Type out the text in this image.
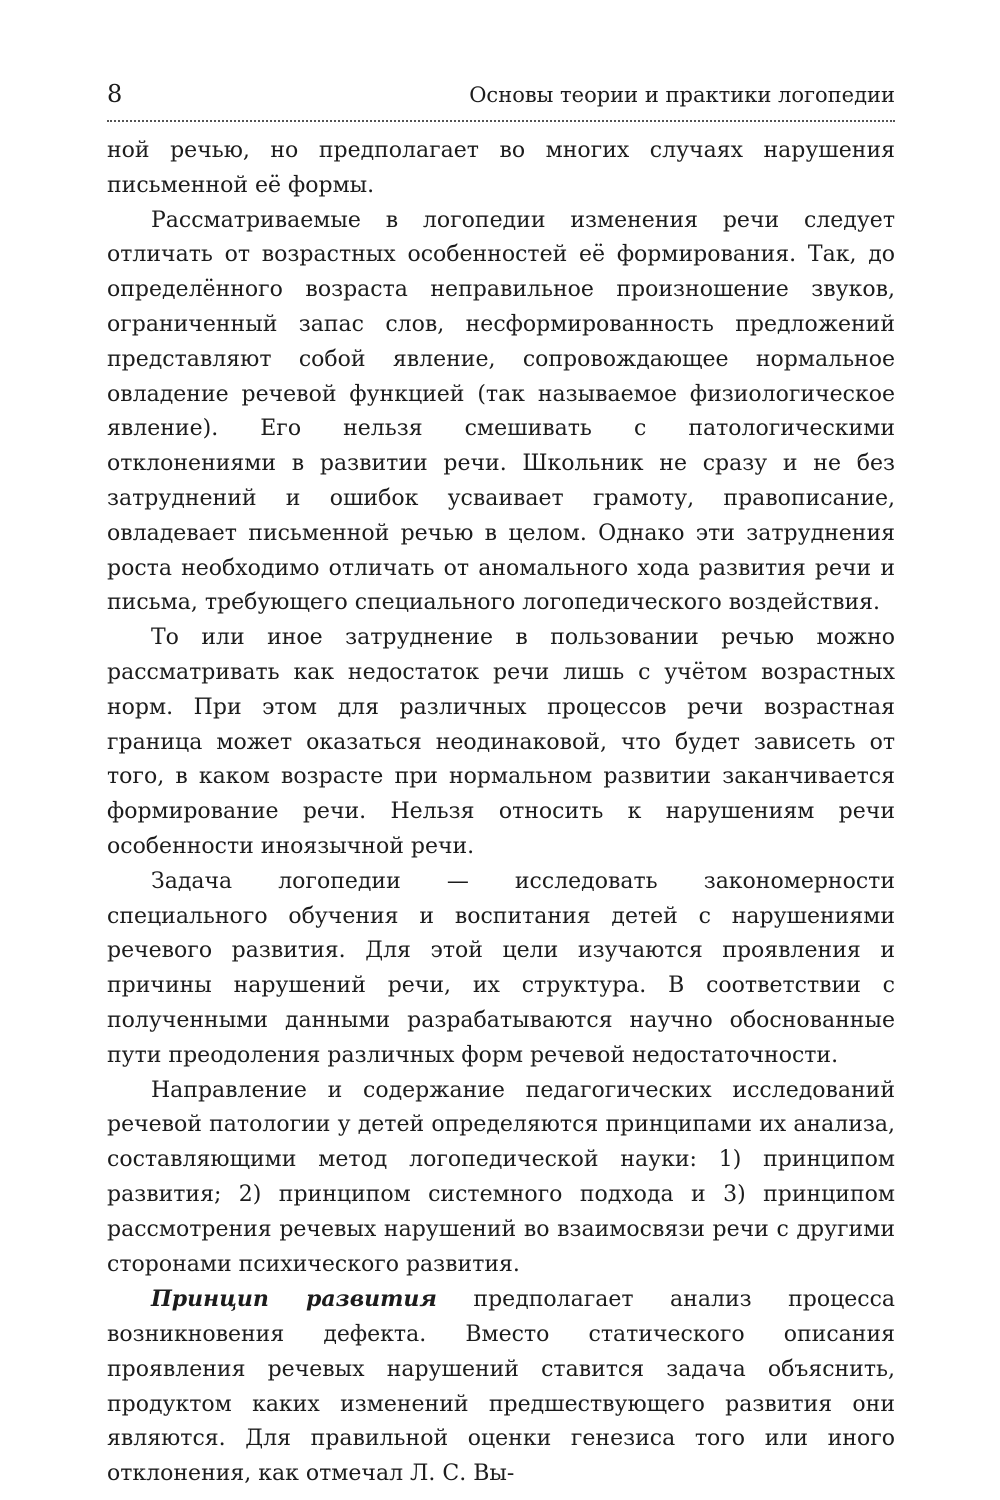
8	Основы теории и практики логопедии

ной речью, но предполагает во многих случаях нарушения письменной её формы.

Рассматриваемые в логопедии изменения речи следует отличать от возрастных особенностей её формирования. Так, до определённого возраста неправильное произношение звуков, ограниченный запас слов, несформированность предложений представляют собой явление, сопровождающее нормальное овладение речевой функцией (так называемое физиологическое явление). Его нельзя смешивать с патологическими отклонениями в развитии речи. Школьник не сразу и не без затруднений и ошибок усваивает грамоту, правописание, овладевает письменной речью в целом. Однако эти затруднения роста необходимо отличать от аномального хода развития речи и письма, требующего специального логопедического воздействия.

То или иное затруднение в пользовании речью можно рассматривать как недостаток речи лишь с учётом возрастных норм. При этом для различных процессов речи возрастная граница может оказаться неодинаковой, что будет зависеть от того, в каком возрасте при нормальном развитии заканчивается формирование речи. Нельзя относить к нарушениям речи особенности иноязычной речи.

Задача логопедии — исследовать закономерности специального обучения и воспитания детей с нарушениями речевого развития. Для этой цели изучаются проявления и причины нарушений речи, их структура. В соответствии с полученными данными разрабатываются научно обоснованные пути преодоления различных форм речевой недостаточности.

Направление и содержание педагогических исследований речевой патологии у детей определяются принципами их анализа, составляющими метод логопедической науки: 1) принципом развития; 2) принципом системного подхода и 3) принципом рассмотрения речевых нарушений во взаимосвязи речи с другими сторонами психического развития.

Принцип развития предполагает анализ процесса возникновения дефекта. Вместо статического описания проявления речевых нарушений ставится задача объяснить, продуктом каких изменений предшествующего развития они являются. Для правильной оценки генезиса того или иного отклонения, как отмечал Л. С. Вы-
